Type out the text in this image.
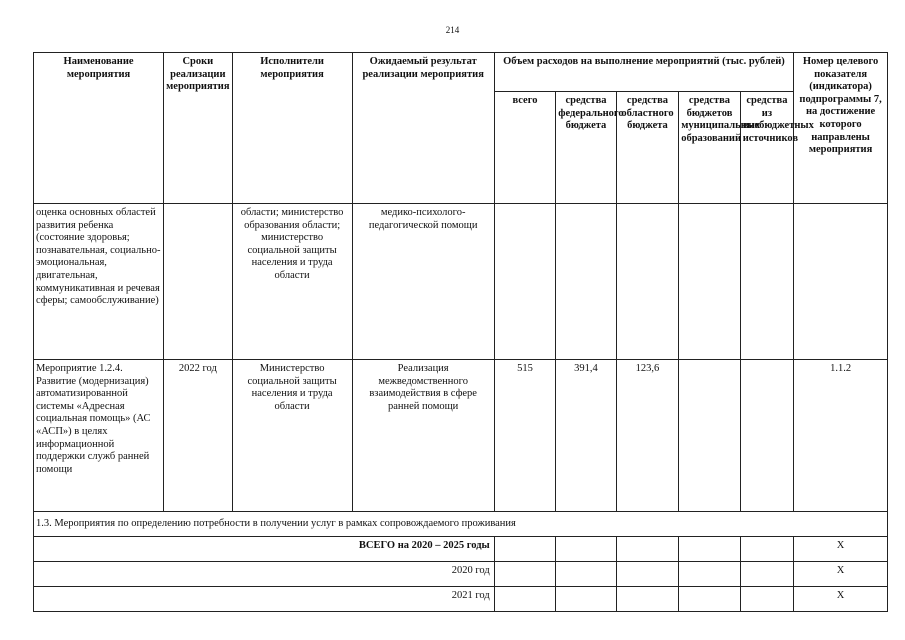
214
Наименование мероприятия	Сроки реализации мероприятия	Исполнители мероприятия	Ожидаемый результат реализации мероприятия	Объем расходов на выполнение мероприятий (тыс. рублей)					Номер целевого показателя (индикатора) подпрограммы 7, на достижение которого направлены мероприятия
				всего	средства федерального бюджета	средства областного бюджета	средства бюджетов муниципальных образований	средства из внебюджетных источников	
оценка основных областей развития ребенка (состояние здоровья; познавательная, социально-эмоциональная, двигательная, коммуникативная и речевая сферы; самообслуживание)		области; министерство образования области; министерство социальной защиты населения и труда области	медико-психолого-педагогической помощи						
Мероприятие 1.2.4. Развитие (модернизация) автоматизированной системы «Адресная социальная помощь» (АС «АСП») в целях информационной поддержки служб ранней помощи	2022 год	Министерство социальной защиты населения и труда области	Реализация межведомственного взаимодействия в сфере ранней помощи	515	391,4	123,6			1.1.2
1.3. Мероприятия по определению потребности в получении услуг в рамках сопровождаемого проживания									
ВСЕГО на 2020 – 2025 годы									X
2020 год									X
2021 год									X
